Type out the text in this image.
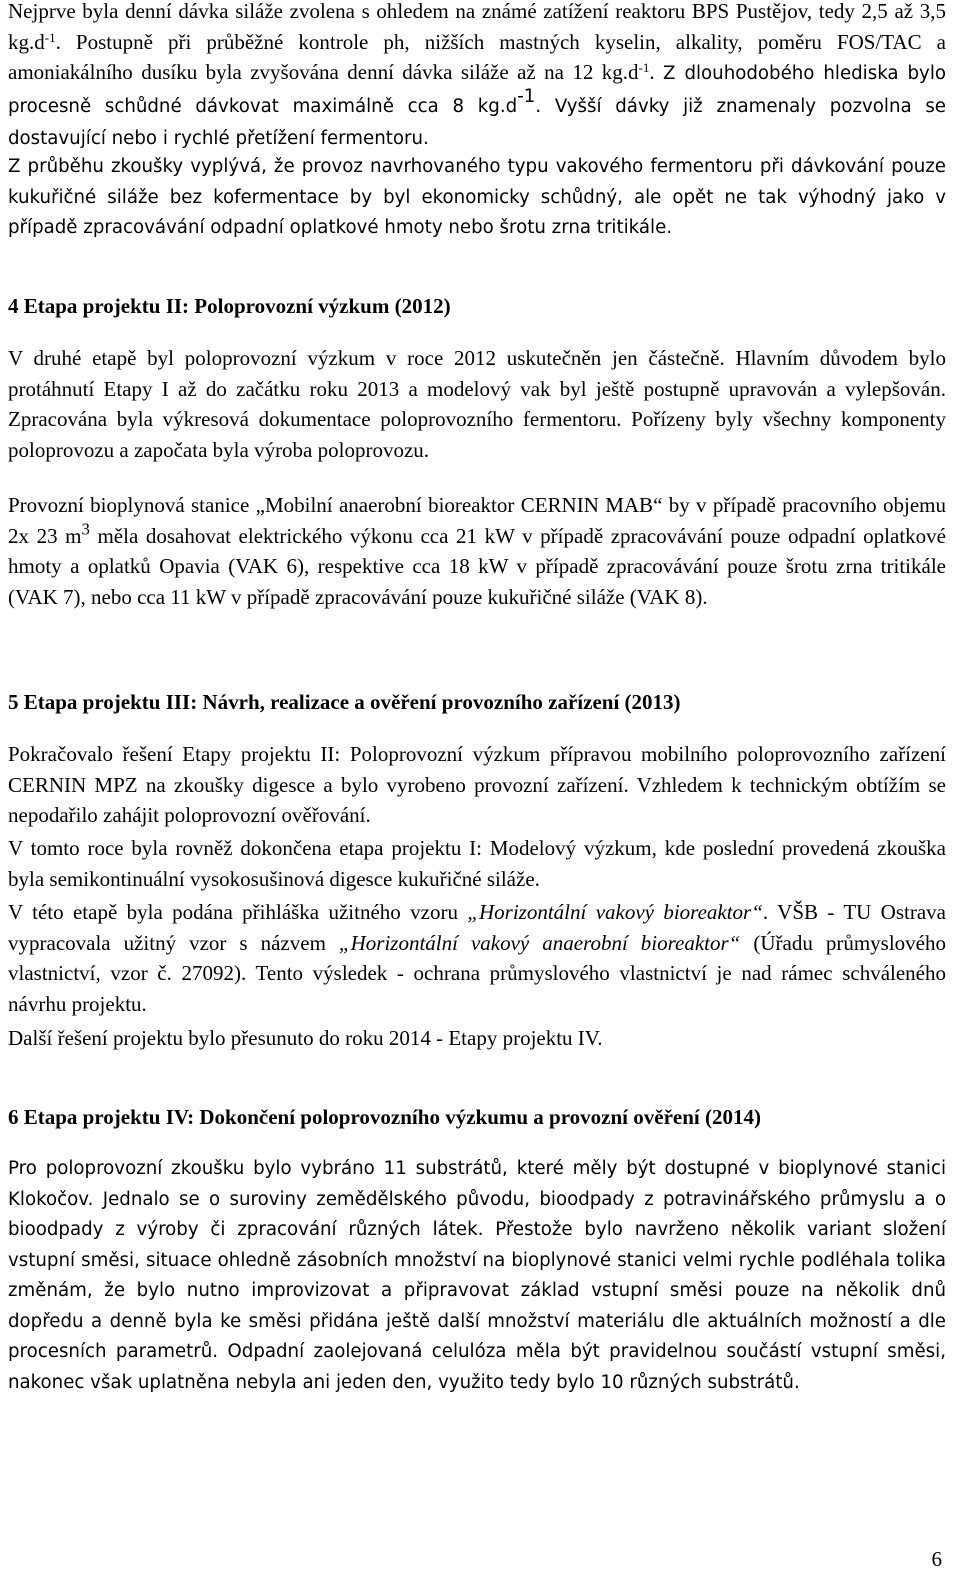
Nejprve byla denní dávka siláže zvolena s ohledem na známé zatížení reaktoru BPS Pustějov, tedy 2,5 až 3,5 $kg.d^{-1}$. Postupně při průběžné kontrole ph, nižších mastných kyselin, alkality, poměru FOS/TAC a amoniakálního dusíku byla zvyšována denní dávka siláže až na 12 $kg.d^{-1}$. Z dlouhodobého hlediska bylo procesně schůdné dávkovat maximálně cca 8 $kg.d^{-1}$. Vyšší dávky již znamenaly pozvolna se dostavující nebo i rychlé přetížení fermentoru.

Z průběhu zkoušky vyplývá, že provoz navrhovaného typu vakového fermentoru při dávkování pouze kukuřičné siláže bez kofermentace by byl ekonomicky schůdný, ale opět ne tak výhodný jako v případě zpracovávání odpadní oplatkové hmoty nebo šrotu zrna tritikále.

4 Etapa projektu II: Poloprovozní výzkum (2012)

V druhé etapě byl poloprovozní výzkum v roce 2012 uskutečněn jen částečně. Hlavním důvodem bylo protáhnutí Etapy I až do začátku roku 2013 a modelový vak byl ještě postupně upravován a vylepšován. Zpracována byla výkresová dokumentace poloprovozního fermentoru. Pořízeny byly všechny komponenty poloprovozu a započata byla výroba poloprovozu.

Provozní bioplynová stanice „Mobilní anaerobní bioreaktor CERNIN MAB“ by v případě pracovního objemu 2x 23 $m^3$ měla dosahovat elektrického výkonu cca 21 kW v případě zpracovávání pouze odpadní oplatkové hmoty a oplatků Opavia (VAK 6), respektive cca 18 kW v případě zpracovávání pouze šrotu zrna tritikále (VAK 7), nebo cca 11 kW v případě zpracovávání pouze kukuřičné siláže (VAK 8).

5 Etapa projektu III: Návrh, realizace a ověření provozního zařízení (2013)

Pokračovalo řešení Etapy projektu II: Poloprovozní výzkum přípravou mobilního poloprovozního zařízení CERNIN MPZ na zkoušky digesce a bylo vyrobeno provozní zařízení. Vzhledem k technickým obtížím se nepodařilo zahájit poloprovozní ověřování.

V tomto roce byla rovněž dokončena etapa projektu I: Modelový výzkum, kde poslední provedená zkouška byla semikontinuální vysokosušinová digesce kukuřičné siláže.

V této etapě byla podána přihláška užitného vzoru „Horizontální vakový bioreaktor“. VŠB - TU Ostrava vypracovala užitný vzor s názvem „Horizontální vakový anaerobní bioreaktor“ (Úřadu průmyslového vlastnictví, vzor č. 27092). Tento výsledek - ochrana průmyslového vlastnictví je nad rámec schváleného návrhu projektu.

Další řešení projektu bylo přesunuto do roku 2014 - Etapy projektu IV.

6 Etapa projektu IV: Dokončení poloprovozního výzkumu a provozní ověření (2014)

Pro poloprovozní zkoušku bylo vybráno 11 substrátů, které měly být dostupné v bioplynové stanici Klokočov. Jednalo se o suroviny zemědělského původu, bioodpady z potravinářského průmyslu a o bioodpady z výroby či zpracování různých látek. Přestože bylo navrženo několik variant složení vstupní směsi, situace ohledně zásobních množství na bioplynové stanici velmi rychle podléhala tolika změnám, že bylo nutno improvizovat a připravovat základ vstupní směsi pouze na několik dnů dopředu a denně byla ke směsi přidána ještě další množství materiálu dle aktuálních možností a dle procesních parametrů. Odpadní zaolejovaná celulóza měla být pravidelnou součástí vstupní směsi, nakonec však uplatněna nebyla ani jeden den, využito tedy bylo 10 různých substrátů.

6
